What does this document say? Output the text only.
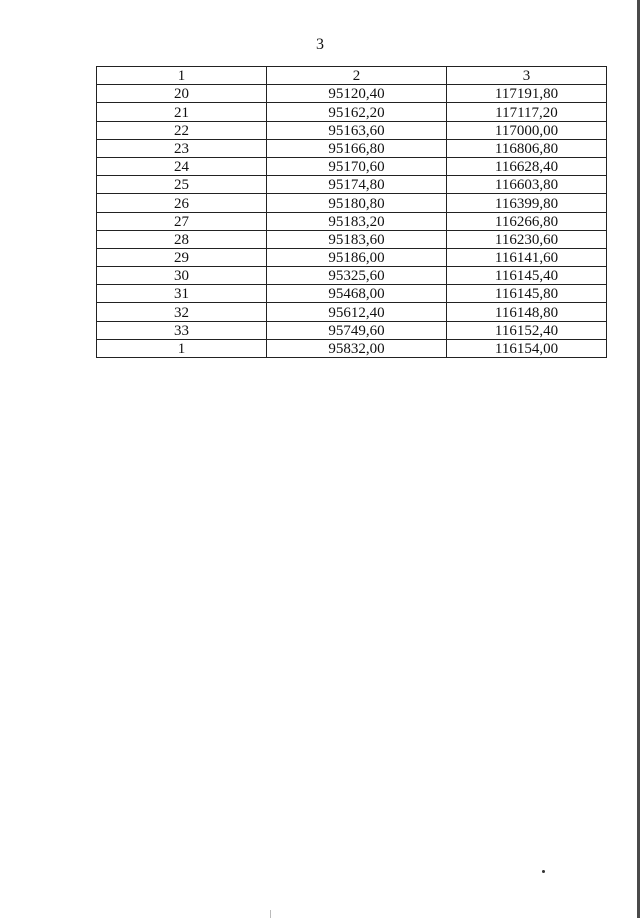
3
1	2	3
20	95120,40	117191,80
21	95162,20	117117,20
22	95163,60	117000,00
23	95166,80	116806,80
24	95170,60	116628,40
25	95174,80	116603,80
26	95180,80	116399,80
27	95183,20	116266,80
28	95183,60	116230,60
29	95186,00	116141,60
30	95325,60	116145,40
31	95468,00	116145,80
32	95612,40	116148,80
33	95749,60	116152,40
1	95832,00	116154,00
